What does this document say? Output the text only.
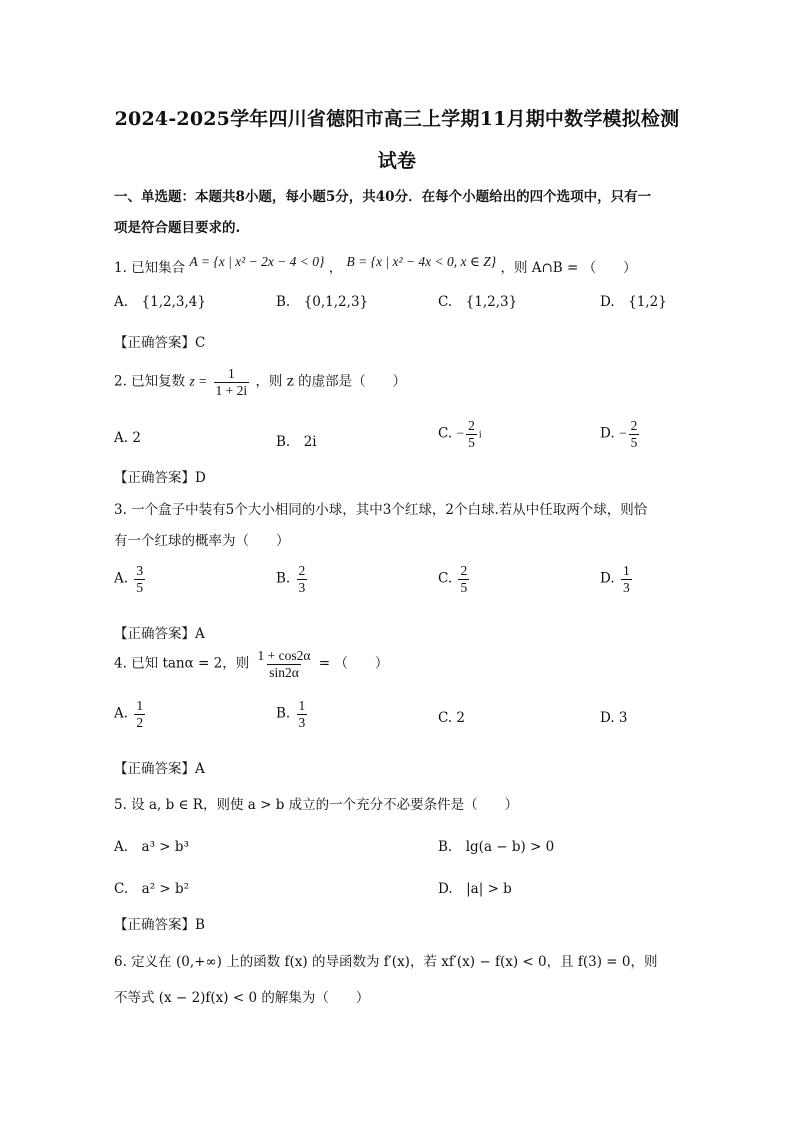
2024-2025学年四川省德阳市高三上学期11月期中数学模拟检测
试卷
一、单选题：本题共8小题，每小题5分，共40分．在每个小题给出的四个选项中，只有一
项是符合题目要求的.
1. 已知集合 A = {x | x² − 2x − 4 < 0} ， B = {x | x² − 4x < 0, x ∈ Z} ，则 A∩B = （　　）
A.　{1,2,3,4}	B.　{0,1,2,3}	C.　{1,2,3}	D.　{1,2}
【正确答案】C
2. 已知复数 $z = \frac{1}{1 + 2i}$ ，则 z 的虚部是（　　）
A. 2	B.　2i
C. − $\frac{2}{5}$ i	D. − $\frac{2}{5}$
【正确答案】D
3. 一个盒子中装有5个大小相同的小球，其中3个红球，2个白球.若从中任取两个球，则恰
有一个红球的概率为（　　）
A. $\frac{3}{5}$	B. $\frac{2}{3}$	C. $\frac{2}{5}$	D. $\frac{1}{3}$
【正确答案】A
4. 已知 tanα = 2，则 $\frac{1 + \cos 2\alpha}{\sin 2\alpha}$ = （　　）
A. $\frac{1}{2}$	B. $\frac{1}{3}$	C. 2	D. 3
【正确答案】A
5. 设 a, b ∈ R，则使 a > b 成立的一个充分不必要条件是（　　）
A.　a³ > b³	B.　lg(a − b) > 0
C.　a² > b²	D.　|a| > b
【正确答案】B
6. 定义在 (0,+∞) 上的函数 f(x) 的导函数为 f′(x)，若 xf′(x) − f(x) < 0，且 f(3) = 0，则
不等式 (x − 2)f(x) < 0 的解集为（　　）
